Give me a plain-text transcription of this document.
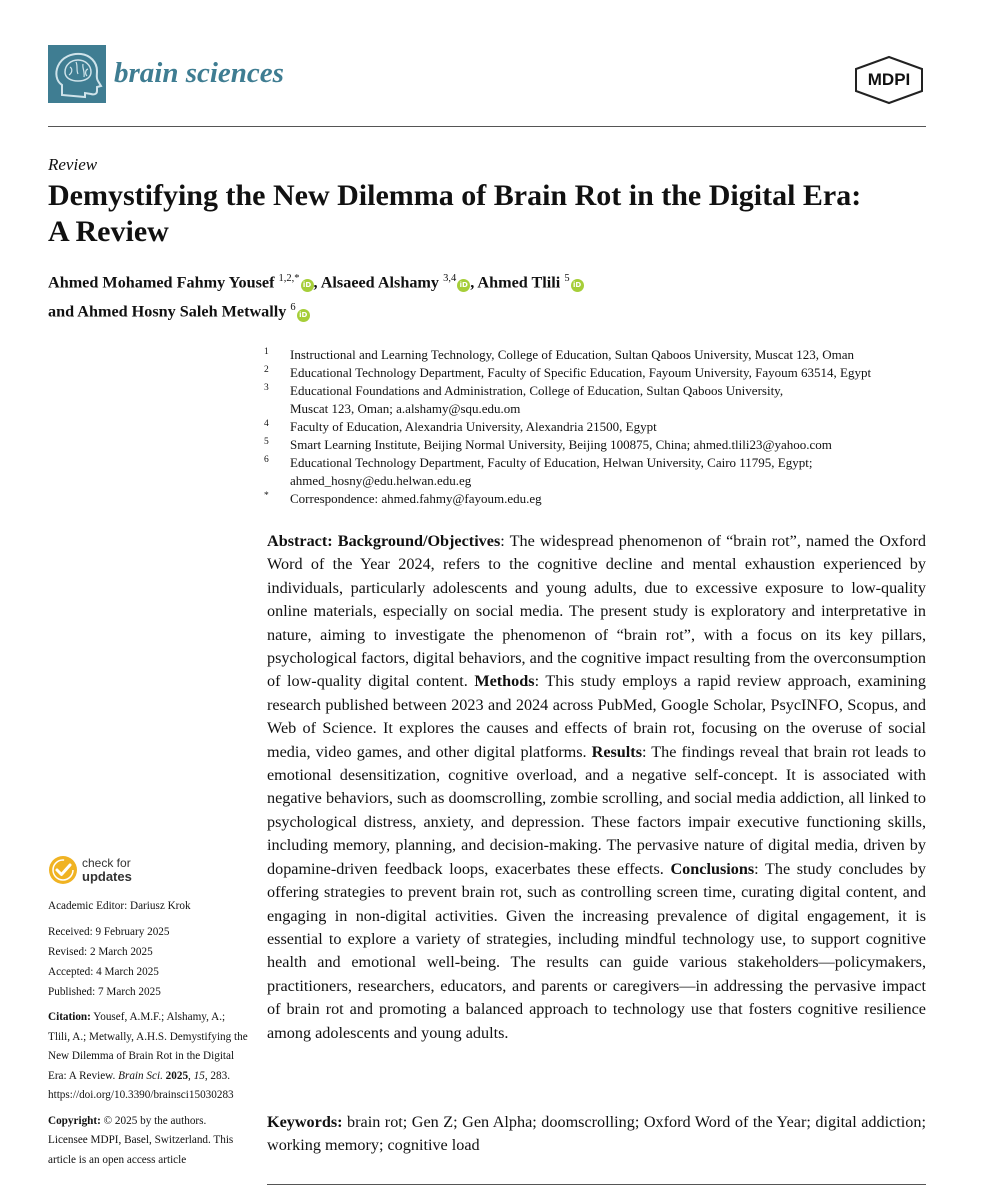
brain sciences	MDPI
Review
Demystifying the New Dilemma of Brain Rot in the Digital Era:
A Review
Ahmed Mohamed Fahmy Yousef $^{1,2,*}$iD , Alsaeed Alshamy $^{3,4}$iD , Ahmed Tlili $^5$iD
and Ahmed Hosny Saleh Metwally $^6$iD
1	Instructional and Learning Technology, College of Education, Sultan Qaboos University, Muscat 123, Oman
2	Educational Technology Department, Faculty of Specific Education, Fayoum University, Fayoum 63514, Egypt
3	Educational Foundations and Administration, College of Education, Sultan Qaboos University,
Muscat 123, Oman; a.alshamy@squ.edu.om
4	Faculty of Education, Alexandria University, Alexandria 21500, Egypt
5	Smart Learning Institute, Beijing Normal University, Beijing 100875, China; ahmed.tlili23@yahoo.com
6	Educational Technology Department, Faculty of Education, Helwan University, Cairo 11795, Egypt;
ahmed_hosny@edu.helwan.edu.eg
*	Correspondence: ahmed.fahmy@fayoum.edu.eg
Abstract: Background/Objectives: The widespread phenomenon of “brain rot”, named the Oxford Word of the Year 2024, refers to the cognitive decline and mental exhaustion experienced by individuals, particularly adolescents and young adults, due to excessive exposure to low-quality online materials, especially on social media. The present study is exploratory and interpretative in nature, aiming to investigate the phenomenon of “brain rot”, with a focus on its key pillars, psychological factors, digital behaviors, and the cognitive impact resulting from the overconsumption of low-quality digital content. Methods: This study employs a rapid review approach, examining research published between 2023 and 2024 across PubMed, Google Scholar, PsycINFO, Scopus, and Web of Science. It explores the causes and effects of brain rot, focusing on the overuse of social media, video games, and other digital platforms. Results: The findings reveal that brain rot leads to emotional desensitization, cognitive overload, and a negative self-concept. It is associated with negative behaviors, such as doomscrolling, zombie scrolling, and social media addiction, all linked to psychological distress, anxiety, and depression. These factors impair executive functioning skills, including memory, planning, and decision-making. The pervasive nature of digital media, driven by dopamine-driven feedback loops, exacerbates these effects. Conclusions: The study concludes by offering strategies to prevent brain rot, such as controlling screen time, curating digital content, and engaging in non-digital activities. Given the increasing prevalence of digital engagement, it is essential to explore a variety of strategies, including mindful technology use, to support cognitive health and emotional well-being. The results can guide various stakeholders—policymakers, practitioners, researchers, educators, and parents or caregivers—in addressing the pervasive impact of brain rot and promoting a balanced approach to technology use that fosters cognitive resilience among adolescents and young adults.
Keywords: brain rot; Gen Z; Gen Alpha; doomscrolling; Oxford Word of the Year; digital addiction; working memory; cognitive load
check for
updates
Academic Editor: Dariusz Krok
Received: 9 February 2025
Revised: 2 March 2025
Accepted: 4 March 2025
Published: 7 March 2025
Citation: Yousef, A.M.F.; Alshamy, A.; Tlili, A.; Metwally, A.H.S. Demystifying the New Dilemma of Brain Rot in the Digital Era: A Review. Brain Sci. 2025, 15, 283. https://doi.org/10.3390/brainsci15030283
Copyright: © 2025 by the authors. Licensee MDPI, Basel, Switzerland. This article is an open access article
